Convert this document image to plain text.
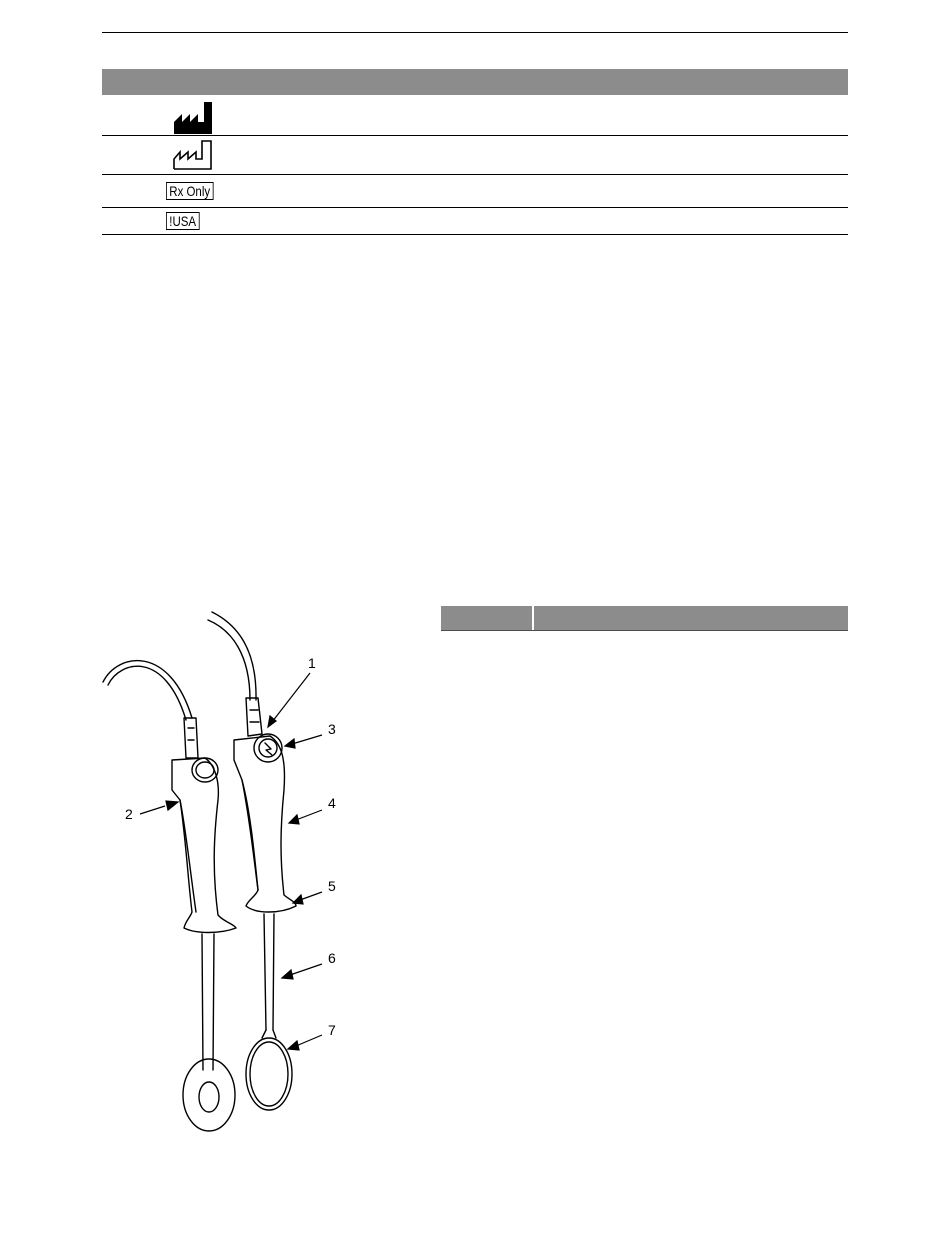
Rx Only
!USA
1
2
3
4
5
6
7
